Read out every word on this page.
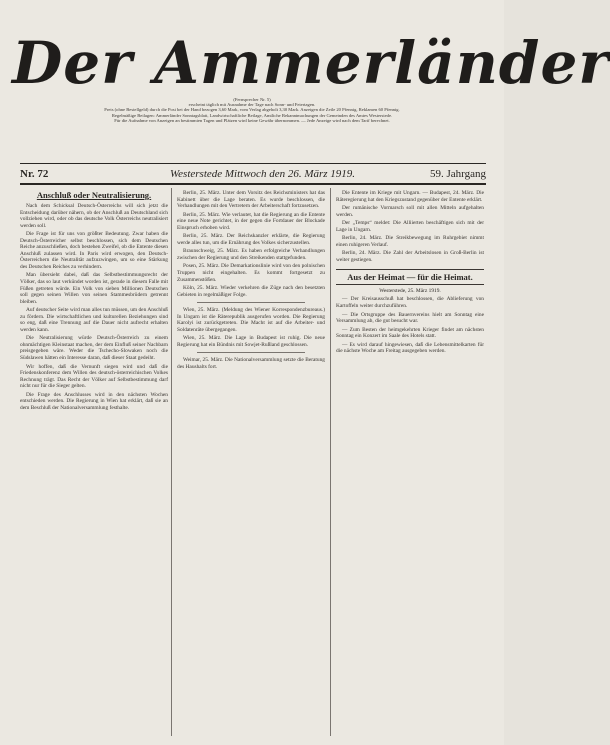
Der Ammerländer
(Fernsprecher Nr. 5)
erscheint täglich mit Ausnahme der Tage nach Sonn- und Feiertagen.
Preis (ohne Bestellgeld) durch die Post bei der Hand bezogen 3,60 Mark, vom Verlag abgeholt 3,30 Mark. Anzeigen die Zeile 20 Pfennig, Reklamen 60 Pfennig.
Regelmäßige Beilagen: Ammerländer Sonntagsblatt, Landwirtschaftliche Beilage, Amtliche Bekanntmachungen der Gemeinden des Amtes Westerstede.
Für die Aufnahme von Anzeigen an bestimmten Tagen und Plätzen wird keine Gewähr übernommen. — Jede Anzeige wird nach dem Tarif berechnet.
Nr. 72	Westerstede Mittwoch den 26. März 1919.	59. Jahrgang
Anschluß oder Neutralisierung.

Nach dem Schicksal Deutsch-Österreichs will sich jetzt die Entscheidung darüber nähern, ob der Anschluß an Deutschland sich vollziehen wird, oder ob das deutsche Volk Österreichs neutralisiert werden soll.

Die Frage ist für uns von größter Bedeutung. Zwar haben die Deutsch-Österreicher selbst beschlossen, sich dem Deutschen Reiche anzuschließen, doch bestehen Zweifel, ob die Entente diesen Anschluß zulassen wird. In Paris wird erwogen, den Deutsch-Österreichern die Neutralität aufzuzwingen, um so eine Stärkung des Deutschen Reiches zu verhindern.

Man übersieht dabei, daß das Selbstbestimmungsrecht der Völker, das so laut verkündet worden ist, gerade in diesem Falle mit Füßen getreten würde. Ein Volk von sieben Millionen Deutschen soll gegen seinen Willen von seinen Stammesbrüdern getrennt bleiben.

Auf deutscher Seite wird man alles tun müssen, um den Anschluß zu fördern. Die wirtschaftlichen und kulturellen Beziehungen sind so eng, daß eine Trennung auf die Dauer nicht aufrecht erhalten werden kann.

Die Neutralisierung würde Deutsch-Österreich zu einem ohnmächtigen Kleinstaat machen, der dem Einfluß seiner Nachbarn preisgegeben wäre. Weder die Tschecho-Slowaken noch die Südslawen hätten ein Interesse daran, daß dieser Staat gedeiht.

Wir hoffen, daß die Vernunft siegen wird und daß die Friedenskonferenz dem Willen des deutsch-österreichischen Volkes Rechnung trägt. Das Recht der Völker auf Selbstbestimmung darf nicht nur für die Sieger gelten.

Die Frage des Anschlusses wird in den nächsten Wochen entschieden werden. Die Regierung in Wien hat erklärt, daß sie an dem Beschluß der Nationalversammlung festhalte.

Berlin, 25. März. Unter dem Vorsitz des Reichsministers hat das Kabinett über die Lage beraten. Es wurde beschlossen, die Verhandlungen mit den Vertretern der Arbeiterschaft fortzusetzen.

Berlin, 25. März. Wie verlautet, hat die Regierung an die Entente eine neue Note gerichtet, in der gegen die Fortdauer der Blockade Einspruch erhoben wird.

Berlin, 25. März. Der Reichskanzler erklärte, die Regierung werde alles tun, um die Ernährung des Volkes sicherzustellen.

Braunschweig, 25. März. Es haben erfolgreiche Verhandlungen zwischen der Regierung und den Streikenden stattgefunden.

Posen, 25. März. Die Demarkationslinie wird von den polnischen Truppen nicht eingehalten. Es kommt fortgesetzt zu Zusammenstößen.

Köln, 25. März. Wieder verkehren die Züge nach den besetzten Gebieten in regelmäßiger Folge.

Wien, 25. März. (Meldung des Wiener Korrespondenzbureaus.) In Ungarn ist die Räterepublik ausgerufen worden. Die Regierung Karolyi ist zurückgetreten. Die Macht ist auf die Arbeiter- und Soldatenräte übergegangen.

Wien, 25. März. Die Lage in Budapest ist ruhig. Die neue Regierung hat ein Bündnis mit Sowjet-Rußland geschlossen.

Weimar, 25. März. Die Nationalversammlung setzte die Beratung des Haushalts fort.

Die Entente im Kriege mit Ungarn. — Budapest, 24. März. Die Räteregierung hat den Kriegszustand gegenüber der Entente erklärt.

Der rumänische Vormarsch soll mit allen Mitteln aufgehalten werden.

Der „Temps“ meldet: Die Alliierten beschäftigen sich mit der Lage in Ungarn.

Berlin, 24. März. Die Streikbewegung im Ruhrgebiet nimmt einen ruhigeren Verlauf.

Berlin, 24. März. Die Zahl der Arbeitslosen in Groß-Berlin ist weiter gestiegen.

Aus der Heimat — für die Heimat.
Westerstede, 25. März 1919.

— Der Kreisausschuß hat beschlossen, die Ablieferung von Kartoffeln weiter durchzuführen.

— Die Ortsgruppe des Bauernvereins hielt am Sonntag eine Versammlung ab, die gut besucht war.

— Zum Besten der heimgekehrten Krieger findet am nächsten Sonntag ein Konzert im Saale des Hotels statt.

— Es wird darauf hingewiesen, daß die Lebensmittelkarten für die nächste Woche am Freitag ausgegeben werden.
